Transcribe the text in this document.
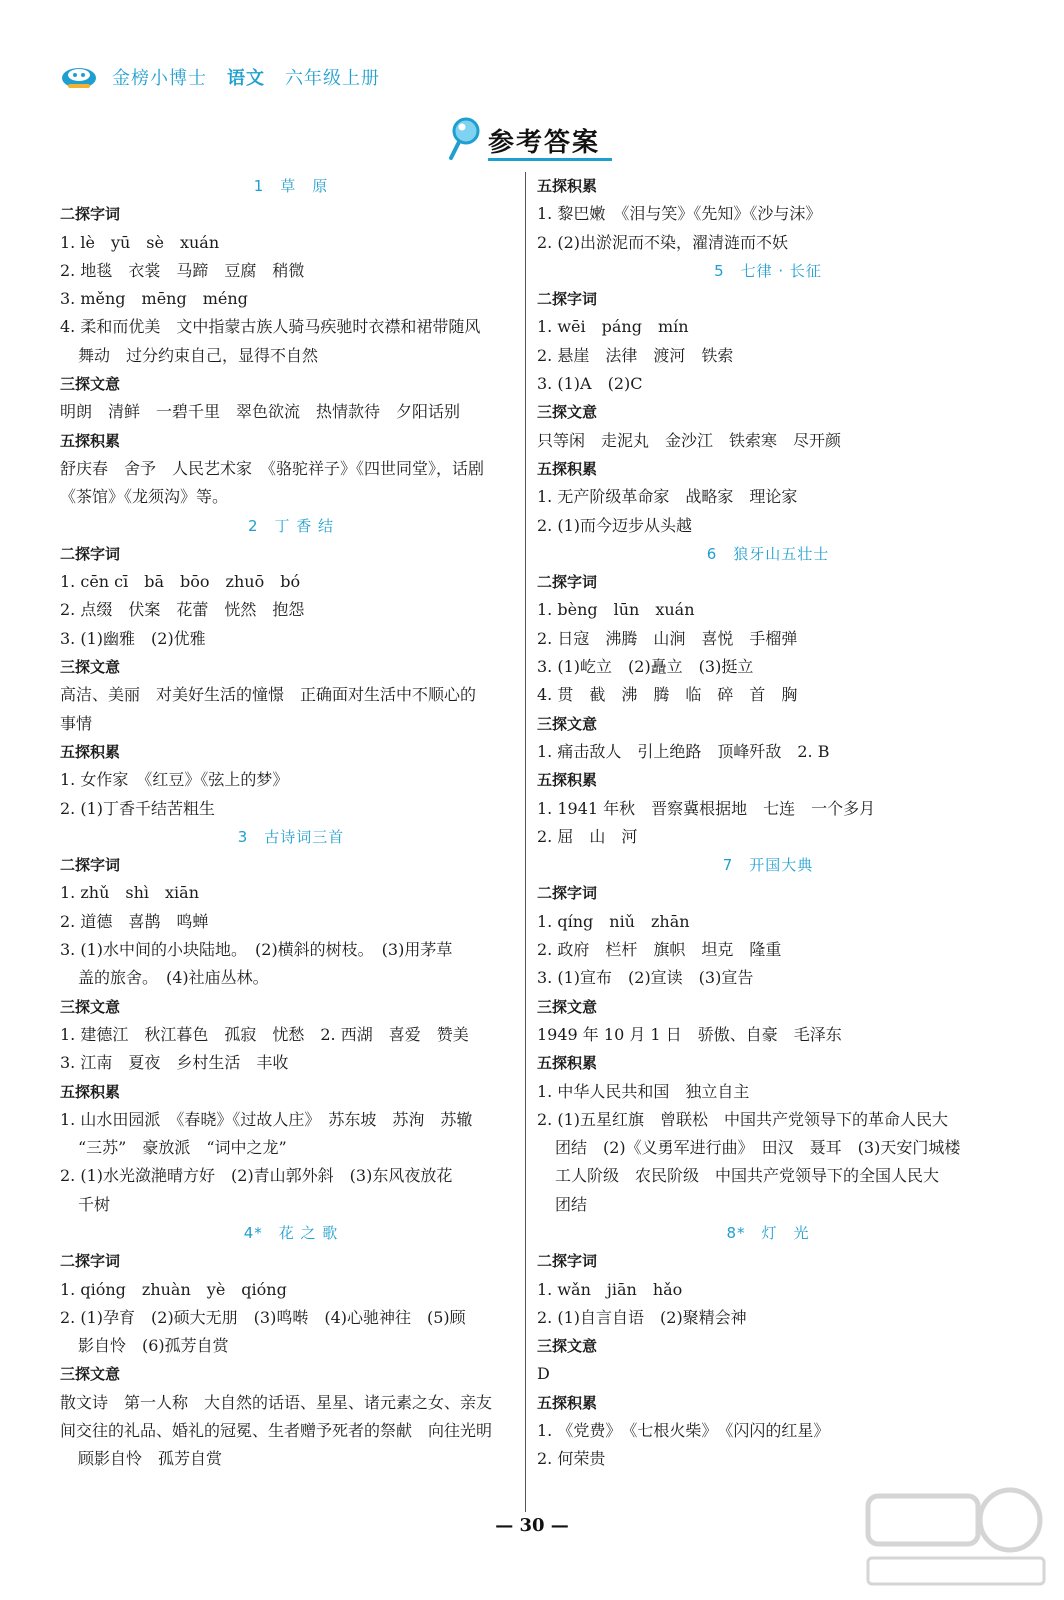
金榜小博士 语文 六年级上册
参考答案
1　草　原
二探字词
1. lè　yū　sè　xuán
2. 地毯　衣裳　马蹄　豆腐　稍微
3. měng　mēng　méng
4. 柔和而优美　文中指蒙古族人骑马疾驰时衣襟和裙带随风
舞动　过分约束自己，显得不自然
三探文意
明朗　清鲜　一碧千里　翠色欲流　热情款待　夕阳话别
五探积累
舒庆春　舍予　人民艺术家　《骆驼祥子》《四世同堂》，话剧
《茶馆》《龙须沟》等。
2　丁 香 结
二探字词
1. cēn cī　bā　bōo　zhuō　bó
2. 点缀　伏案　花蕾　恍然　抱怨
3. (1)幽雅　(2)优雅
三探文意
高洁、美丽　对美好生活的憧憬　正确面对生活中不顺心的
事情
五探积累
1. 女作家　《红豆》《弦上的梦》
2. (1)丁香千结苦粗生
3　古诗词三首
二探字词
1. zhǔ　shì　xiān
2. 道德　喜鹊　鸣蝉
3. (1)水中间的小块陆地。　(2)横斜的树枝。　(3)用茅草
盖的旅舍。　(4)社庙丛林。
三探文意
1. 建德江　秋江暮色　孤寂　忧愁　2. 西湖　喜爱　赞美
3. 江南　夏夜　乡村生活　丰收
五探积累
1. 山水田园派　《春晓》《过故人庄》　苏东坡　苏洵　苏辙
“三苏”　豪放派　“词中之龙”
2. (1)水光潋滟晴方好　(2)青山郭外斜　(3)东风夜放花
千树
4*　花 之 歌
二探字词
1. qióng　zhuàn　yè　qióng
2. (1)孕育　(2)硕大无朋　(3)鸣啭　(4)心驰神往　(5)顾
影自怜　(6)孤芳自赏
三探文意
散文诗　第一人称　大自然的话语、星星、诸元素之女、亲友
间交往的礼品、婚礼的冠冕、生者赠予死者的祭献　向往光明
顾影自怜　孤芳自赏
五探积累
1. 黎巴嫩　《泪与笑》《先知》《沙与沫》
2. (2)出淤泥而不染，濯清涟而不妖
5　七律 · 长征
二探字词
1. wēi　páng　mín
2. 悬崖　法律　渡河　铁索
3. (1)A　(2)C
三探文意
只等闲　走泥丸　金沙江　铁索寒　尽开颜
五探积累
1. 无产阶级革命家　战略家　理论家
2. (1)而今迈步从头越
6　狼牙山五壮士
二探字词
1. bèng　lūn　xuán
2. 日寇　沸腾　山涧　喜悦　手榴弹
3. (1)屹立　(2)矗立　(3)挺立
4. 贯　截　沸　腾　临　碎　首　胸
三探文意
1. 痛击敌人　引上绝路　顶峰歼敌　2. B
五探积累
1. 1941 年秋　晋察冀根据地　七连　一个多月
2. 屈　山　河
7　开国大典
二探字词
1. qíng　niǔ　zhān
2. 政府　栏杆　旗帜　坦克　隆重
3. (1)宣布　(2)宣读　(3)宣告
三探文意
1949 年 10 月 1 日　骄傲、自豪　毛泽东
五探积累
1. 中华人民共和国　独立自主
2. (1)五星红旗　曾联松　中国共产党领导下的革命人民大
团结　(2)《义勇军进行曲》　田汉　聂耳　(3)天安门城楼
工人阶级　农民阶级　中国共产党领导下的全国人民大
团结
8*　灯　光
二探字词
1. wǎn　jiān　hǎo
2. (1)自言自语　(2)聚精会神
三探文意
D
五探积累
1. 《党费》　《七根火柴》　《闪闪的红星》
2. 何荣贵
— 30 —
